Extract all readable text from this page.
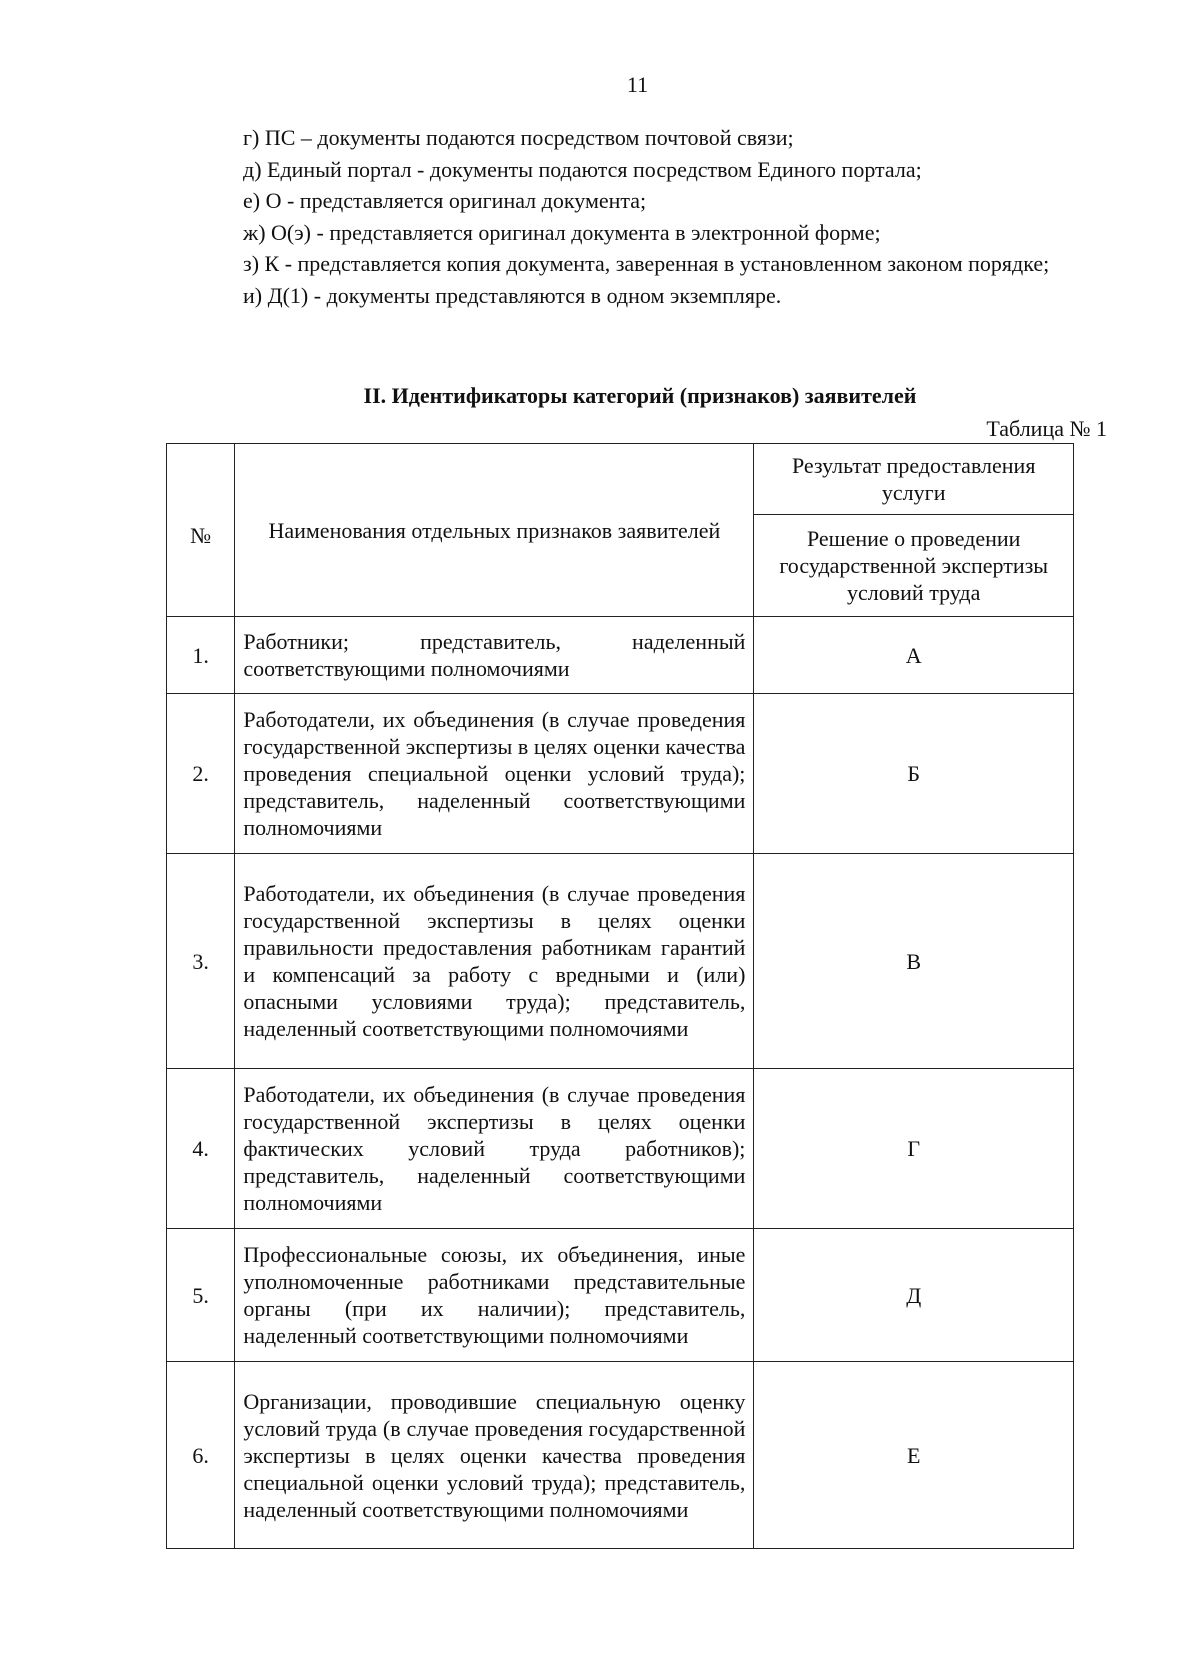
11

г) ПС – документы подаются посредством почтовой связи;

д) Единый портал - документы подаются посредством Единого портала;

е) О - представляется оригинал документа;

ж) О(э) - представляется оригинал документа в электронной форме;

з) К - представляется копия документа, заверенная в установленном законом порядке;

и) Д(1) - документы представляются в одном экземпляре.

II. Идентификаторы категорий (признаков) заявителей
Таблица № 1
№	Наименования отдельных признаков заявителей	Результат предоставления услуги
		Решение о проведении государственной экспертизы условий труда
1.	Работники; представитель, наделенный соответствующими полномочиями	А
2.	Работодатели, их объединения (в случае проведения государственной экспертизы в целях оценки качества проведения специальной оценки условий труда); представитель, наделенный соответствующими полномочиями	Б
3.	Работодатели, их объединения (в случае проведения государственной экспертизы в целях оценки правильности предоставления работникам гарантий и компенсаций за работу с вредными и (или) опасными условиями труда); представитель, наделенный соответствующими полномочиями	В
4.	Работодатели, их объединения (в случае проведения государственной экспертизы в целях оценки фактических условий труда работников); представитель, наделенный соответствующими полномочиями	Г
5.	Профессиональные союзы, их объединения, иные уполномоченные работниками представительные органы (при их наличии); представитель, наделенный соответствующими полномочиями	Д
6.	Организации, проводившие специальную оценку условий труда (в случае проведения государственной экспертизы в целях оценки качества проведения специальной оценки условий труда); представитель, наделенный соответствующими полномочиями	Е
